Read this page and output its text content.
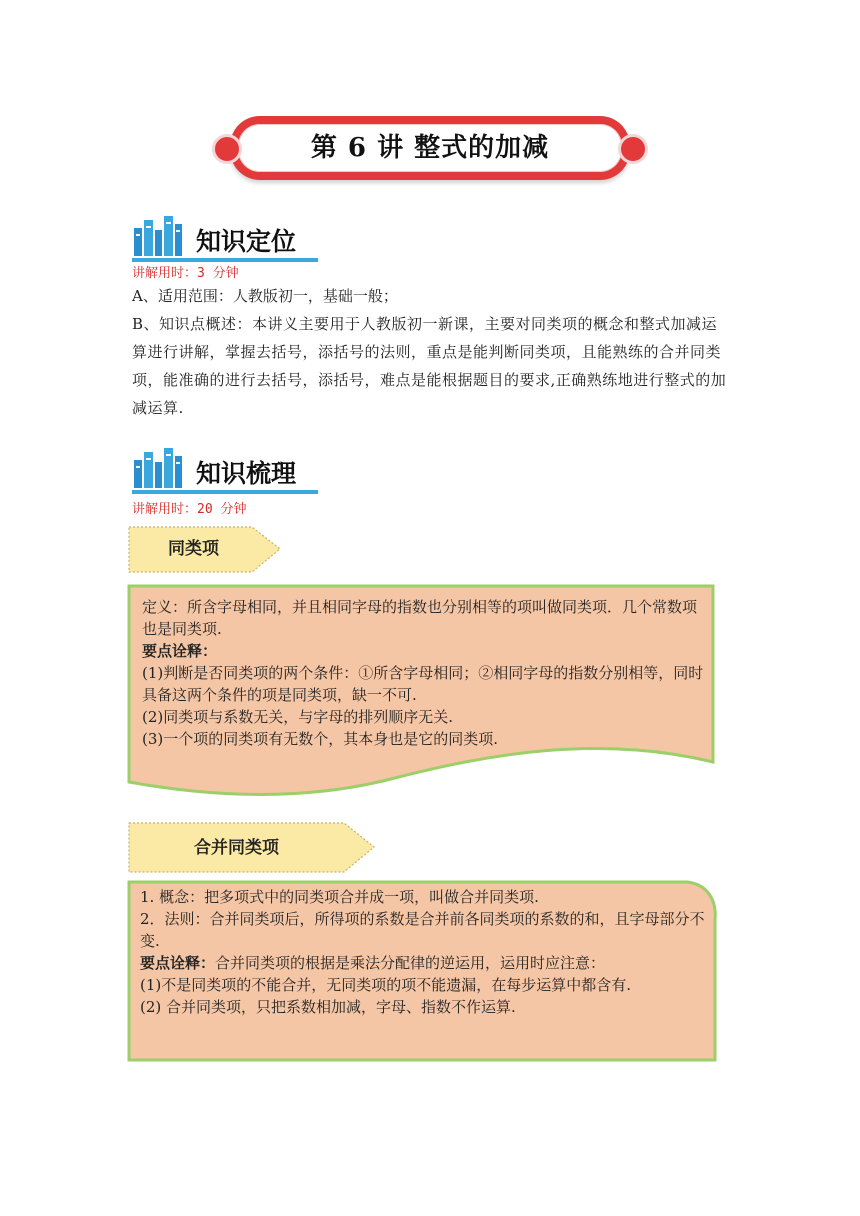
第 6 讲 整式的加减
知识定位
讲解用时：3 分钟
A、适用范围：人教版初一，基础一般；
B、知识点概述：本讲义主要用于人教版初一新课，主要对同类项的概念和整式加减运算进行讲解，掌握去括号，添括号的法则，重点是能判断同类项，且能熟练的合并同类项，能准确的进行去括号，添括号，难点是能根据题目的要求,正确熟练地进行整式的加减运算.
知识梳理
讲解用时：20 分钟
同类项

定义：所含字母相同，并且相同字母的指数也分别相等的项叫做同类项．几个常数项也是同类项.

要点诠释：

(1)判断是否同类项的两个条件：①所含字母相同；②相同字母的指数分别相等，同时具备这两个条件的项是同类项，缺一不可.

(2)同类项与系数无关，与字母的排列顺序无关.

(3)一个项的同类项有无数个，其本身也是它的同类项.

合并同类项

1. 概念：把多项式中的同类项合并成一项，叫做合并同类项.

2．法则：合并同类项后，所得项的系数是合并前各同类项的系数的和，且字母部分不变.

要点诠释：合并同类项的根据是乘法分配律的逆运用，运用时应注意：

(1)不是同类项的不能合并，无同类项的项不能遗漏，在每步运算中都含有.

(2) 合并同类项，只把系数相加减，字母、指数不作运算.
